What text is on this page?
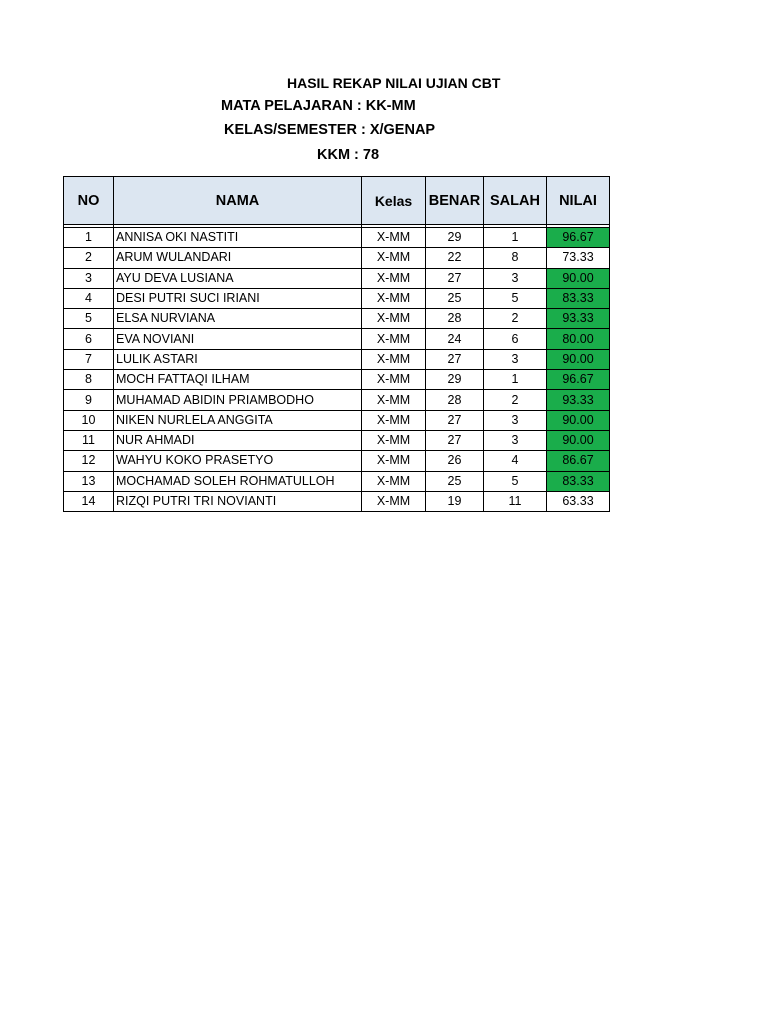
HASIL REKAP NILAI UJIAN CBT
MATA PELAJARAN : KK-MM
KELAS/SEMESTER : X/GENAP
KKM : 78
NO	NAMA	Kelas	BENAR	SALAH	NILAI

1	ANNISA OKI NASTITI	X-MM	29	1	96.67
2	ARUM WULANDARI	X-MM	22	8	73.33
3	AYU DEVA LUSIANA	X-MM	27	3	90.00
4	DESI PUTRI SUCI IRIANI	X-MM	25	5	83.33
5	ELSA NURVIANA	X-MM	28	2	93.33
6	EVA NOVIANI	X-MM	24	6	80.00
7	LULIK ASTARI	X-MM	27	3	90.00
8	MOCH FATTAQI ILHAM	X-MM	29	1	96.67
9	MUHAMAD ABIDIN PRIAMBODHO	X-MM	28	2	93.33
10	NIKEN NURLELA ANGGITA	X-MM	27	3	90.00
11	NUR AHMADI	X-MM	27	3	90.00
12	WAHYU KOKO PRASETYO	X-MM	26	4	86.67
13	MOCHAMAD SOLEH ROHMATULLOH	X-MM	25	5	83.33
14	RIZQI PUTRI TRI NOVIANTI	X-MM	19	11	63.33
